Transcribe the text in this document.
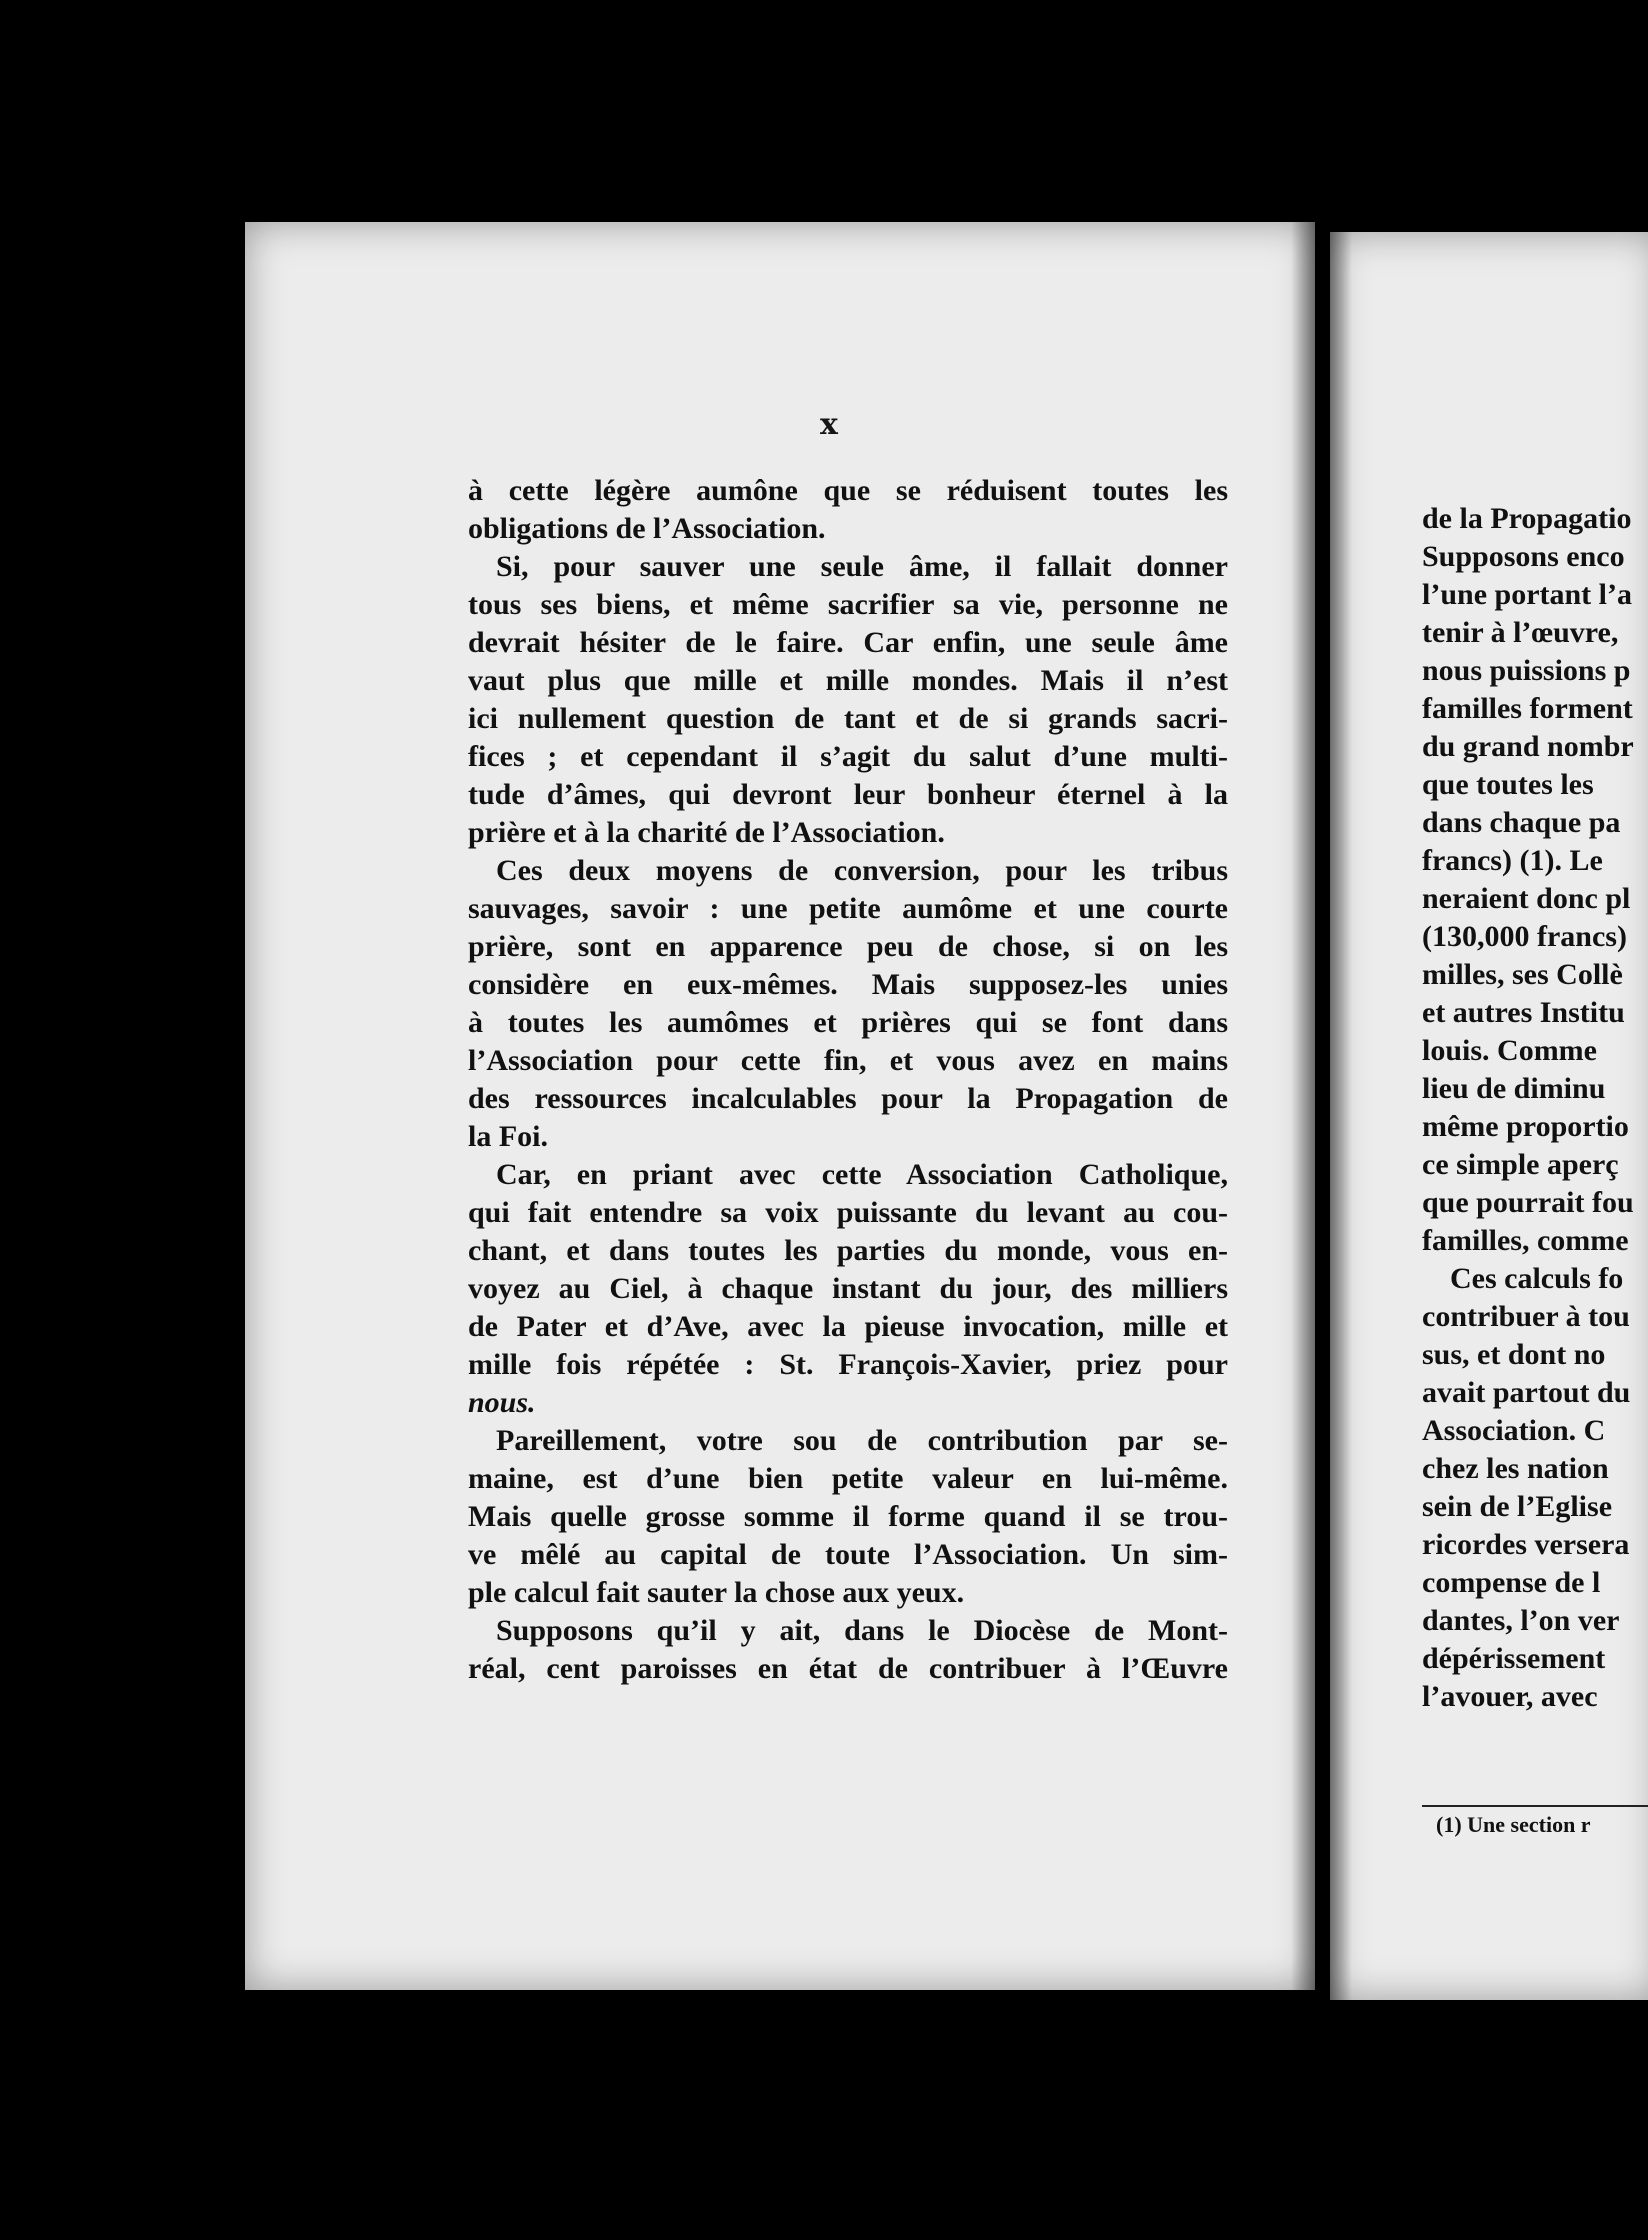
x
à cette légère aumône que se réduisent toutes les
obligations de l’Association.
Si, pour sauver une seule âme, il fallait donner
tous ses biens, et même sacrifier sa vie, personne ne
devrait hésiter de le faire. Car enfin, une seule âme
vaut plus que mille et mille mondes. Mais il n’est
ici nullement question de tant et de si grands sacri-
fices ; et cependant il s’agit du salut d’une multi-
tude d’âmes, qui devront leur bonheur éternel à la
prière et à la charité de l’Association.
Ces deux moyens de conversion, pour les tribus
sauvages, savoir : une petite aumôme et une courte
prière, sont en apparence peu de chose, si on les
considère en eux-mêmes. Mais supposez-les unies
à toutes les aumômes et prières qui se font dans
l’Association pour cette fin, et vous avez en mains
des ressources incalculables pour la Propagation de
la Foi.
Car, en priant avec cette Association Catholique,
qui fait entendre sa voix puissante du levant au cou-
chant, et dans toutes les parties du monde, vous en-
voyez au Ciel, à chaque instant du jour, des milliers
de Pater et d’Ave, avec la pieuse invocation, mille et
mille fois répétée : St. François-Xavier, priez pour
nous.
Pareillement, votre sou de contribution par se-
maine, est d’une bien petite valeur en lui-même.
Mais quelle grosse somme il forme quand il se trou-
ve mêlé au capital de toute l’Association. Un sim-
ple calcul fait sauter la chose aux yeux.
Supposons qu’il y ait, dans le Diocèse de Mont-
réal, cent paroisses en état de contribuer à l’Œuvre
de la Propagatio
Supposons enco
l’une portant l’a
tenir à l’œuvre,
nous puissions p
familles forment
du grand nombr
que toutes les
dans chaque pa
francs) (1). Le
neraient donc pl
(130,000 francs)
milles, ses Collè
et autres Institu
louis. Comme
lieu de diminu
même proportio
ce simple aperç
que pourrait fou
familles, comme
Ces calculs fo
contribuer à tou
sus, et dont no
avait partout du
Association. C
chez les nation
sein de l’Eglise
ricordes versera
compense de l
dantes, l’on ver
dépérissement
l’avouer, avec
(1) Une section r
